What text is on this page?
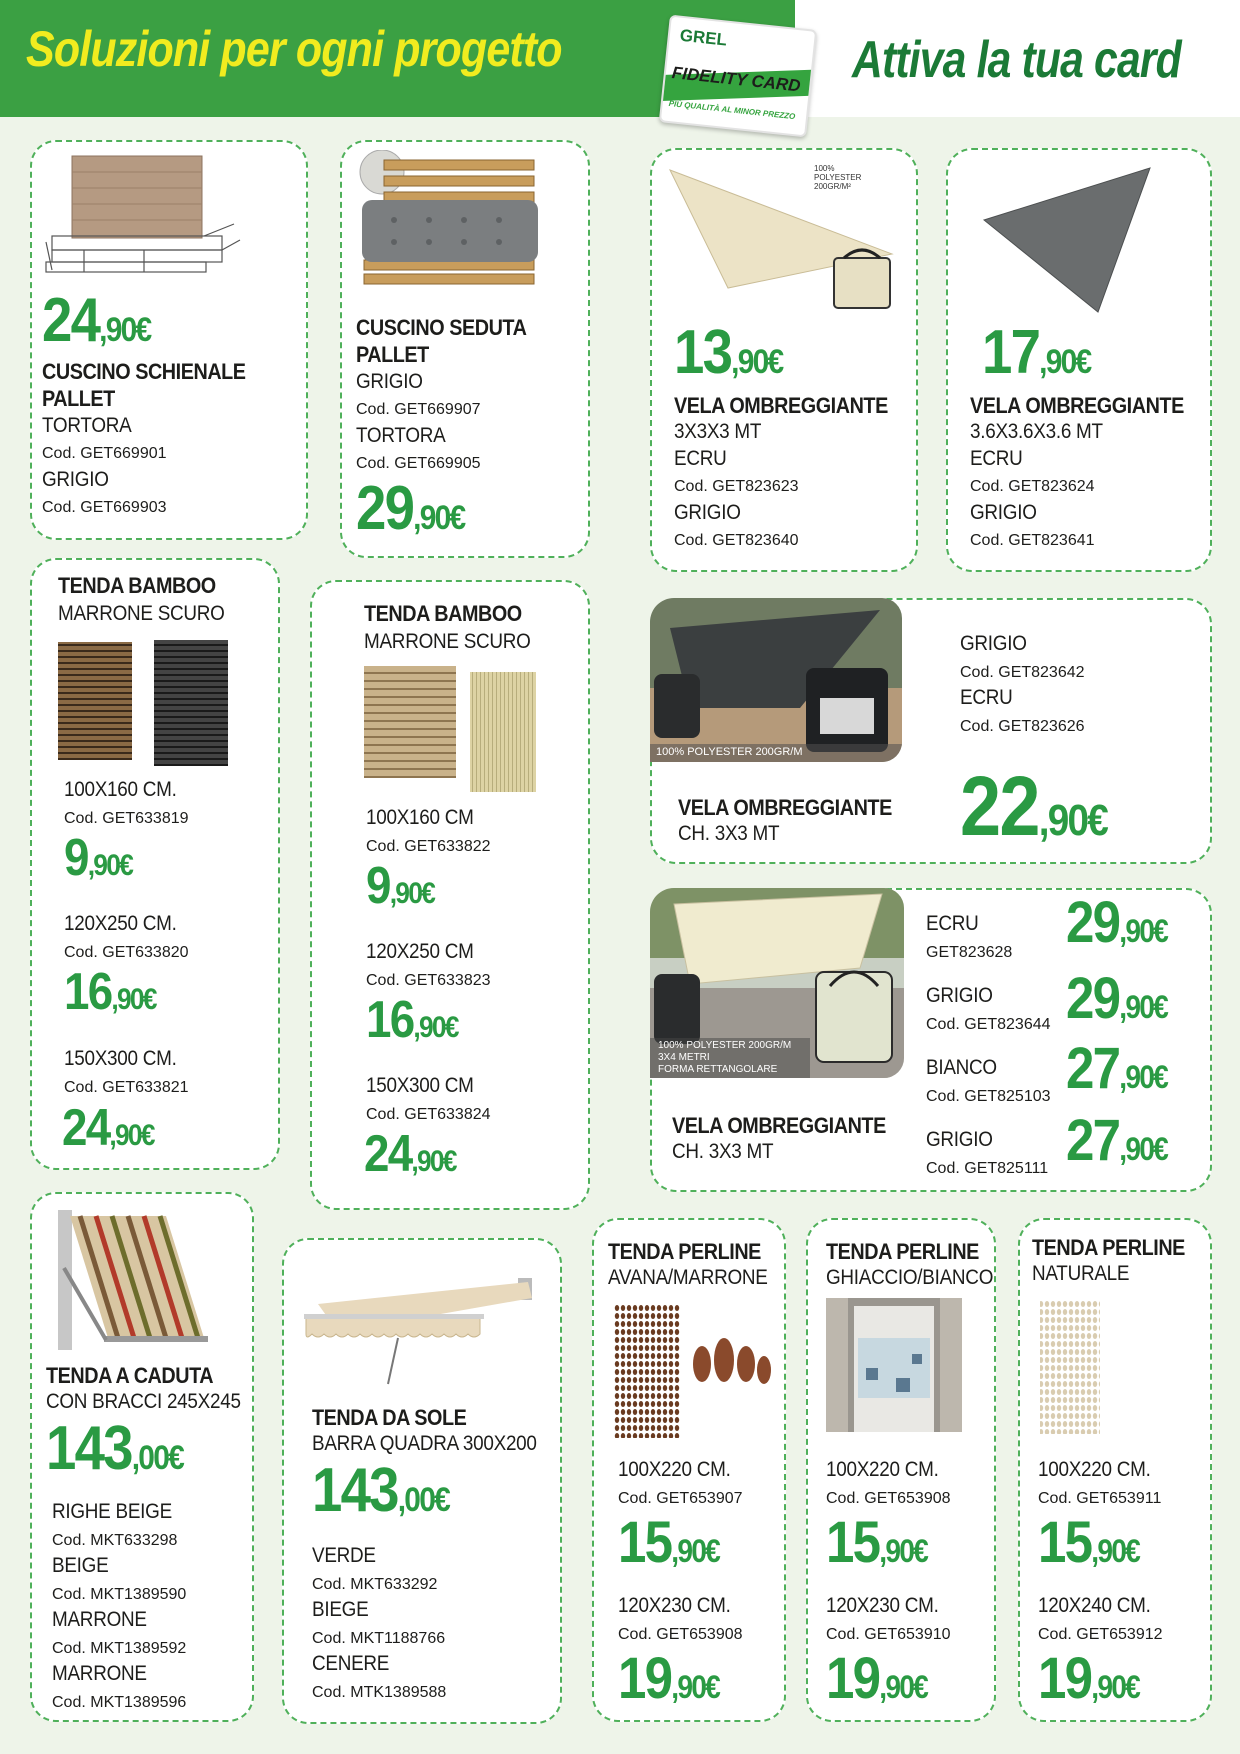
Soluzioni per ogni progetto	Attiva la tua card
GREL
FIDELITY CARD
PIÙ QUALITÀ AL MINOR PREZZO
24,90€
CUSCINO SCHIENALE
PALLET
TORTORA
Cod. GET669901
GRIGIO
Cod. GET669903
CUSCINO SEDUTA
PALLET
GRIGIO
Cod. GET669907
TORTORA
Cod. GET669905
29,90€
100% POLYESTER 200GR/M²
13,90€
VELA OMBREGGIANTE
3X3X3 MT
ECRU
Cod. GET823623
GRIGIO
Cod. GET823640
17,90€
VELA OMBREGGIANTE
3.6X3.6X3.6 MT
ECRU
Cod. GET823624
GRIGIO
Cod. GET823641
TENDA BAMBOO
MARRONE SCURO
100X160 CM.
Cod. GET633819
9,90€
120X250 CM.
Cod. GET633820
16,90€
150X300 CM.
Cod. GET633821
24,90€
TENDA BAMBOO
MARRONE SCURO
100X160 CM
Cod. GET633822
9,90€
120X250 CM
Cod. GET633823
16,90€
150X300 CM
Cod. GET633824
24,90€
100% POLYESTER 200GR/M
GRIGIO
Cod. GET823642
ECRU
Cod. GET823626
VELA OMBREGGIANTE
CH. 3X3 MT 22,90€
100% POLYESTER 200GR/M
3X4 METRI
FORMA RETTANGOLARE
VELA OMBREGGIANTE
CH. 3X3 MT
ECRU
GET823628 29,90€
GRIGIO
Cod. GET823644 29,90€
BIANCO
Cod. GET825103 27,90€
GRIGIO
Cod. GET825111 27,90€
TENDA A CADUTA
CON BRACCI 245X245
143,00€
RIGHE BEIGE
Cod. MKT633298
BEIGE
Cod. MKT1389590
MARRONE
Cod. MKT1389592
MARRONE
Cod. MKT1389596
TENDA DA SOLE
BARRA QUADRA 300X200
143,00€
VERDE
Cod. MKT633292
BIEGE
Cod. MKT1188766
CENERE
Cod. MTK1389588
TENDA PERLINE
AVANA/MARRONE
100X220 CM.
Cod. GET653907
15,90€
120X230 CM.
Cod. GET653908
19,90€
TENDA PERLINE
GHIACCIO/BIANCO
100X220 CM.
Cod. GET653908
15,90€
120X230 CM.
Cod. GET653910
19,90€
TENDA PERLINE
NATURALE
100X220 CM.
Cod. GET653911
15,90€
120X240 CM.
Cod. GET653912
19,90€
